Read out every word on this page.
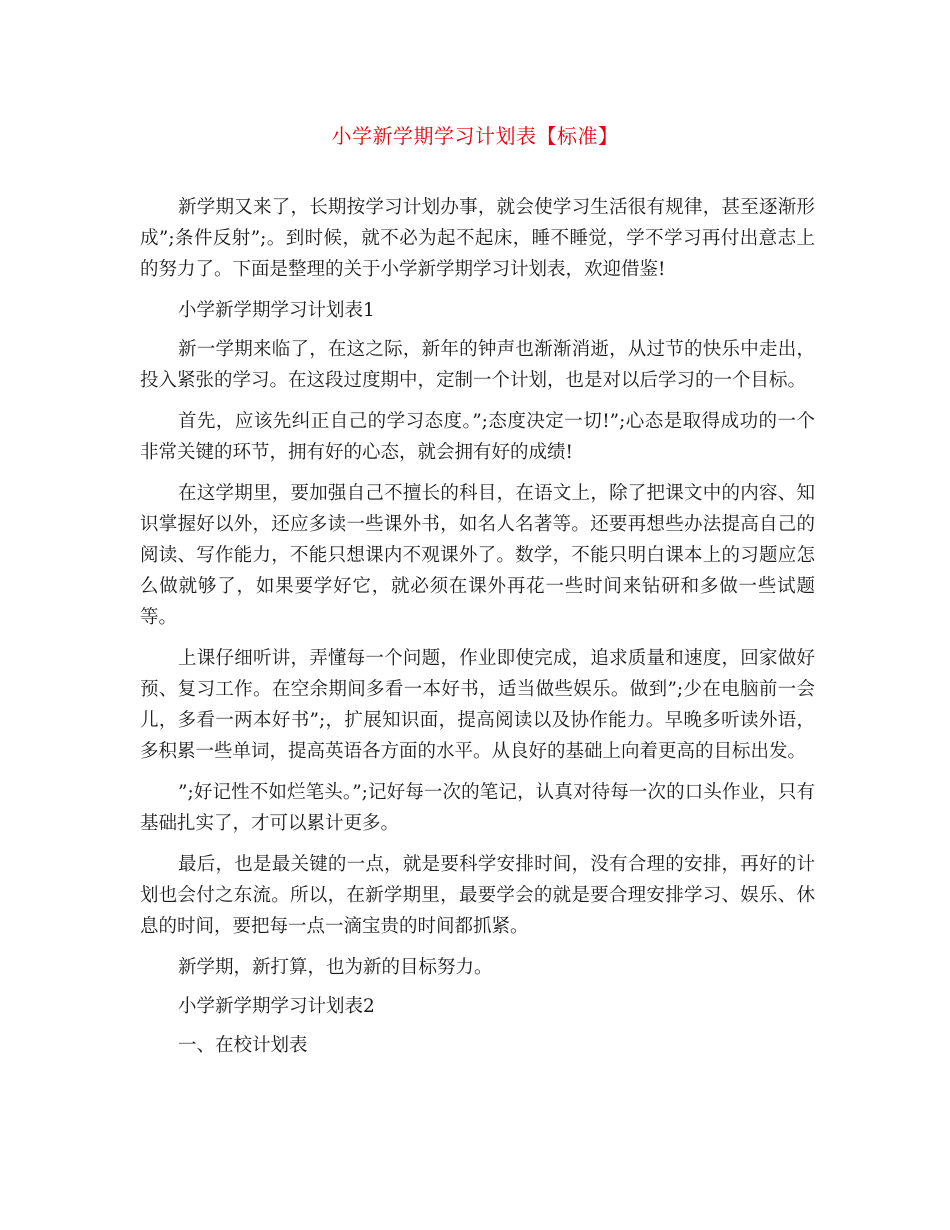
小学新学期学习计划表【标准】

新学期又来了，长期按学习计划办事，就会使学习生活很有规律，甚至逐渐形成”;条件反射”;。到时候，就不必为起不起床，睡不睡觉，学不学习再付出意志上的努力了。下面是整理的关于小学新学期学习计划表，欢迎借鉴!

小学新学期学习计划表1

新一学期来临了，在这之际，新年的钟声也渐渐消逝，从过节的快乐中走出，投入紧张的学习。在这段过度期中，定制一个计划，也是对以后学习的一个目标。

首先，应该先纠正自己的学习态度。”;态度决定一切!”;心态是取得成功的一个非常关键的环节，拥有好的心态，就会拥有好的成绩!

在这学期里，要加强自己不擅长的科目，在语文上，除了把课文中的内容、知识掌握好以外，还应多读一些课外书，如名人名著等。还要再想些办法提高自己的阅读、写作能力，不能只想课内不观课外了。数学，不能只明白课本上的习题应怎么做就够了，如果要学好它，就必须在课外再花一些时间来钻研和多做一些试题等。

上课仔细听讲，弄懂每一个问题，作业即使完成，追求质量和速度，回家做好预、复习工作。在空余期间多看一本好书，适当做些娱乐。做到”;少在电脑前一会儿，多看一两本好书”;，扩展知识面，提高阅读以及协作能力。早晚多听读外语，多积累一些单词，提高英语各方面的水平。从良好的基础上向着更高的目标出发。

”;好记性不如烂笔头。”;记好每一次的笔记，认真对待每一次的口头作业，只有基础扎实了，才可以累计更多。

最后，也是最关键的一点，就是要科学安排时间，没有合理的安排，再好的计划也会付之东流。所以，在新学期里，最要学会的就是要合理安排学习、娱乐、休息的时间，要把每一点一滴宝贵的时间都抓紧。

新学期，新打算，也为新的目标努力。

小学新学期学习计划表2

一、在校计划表
